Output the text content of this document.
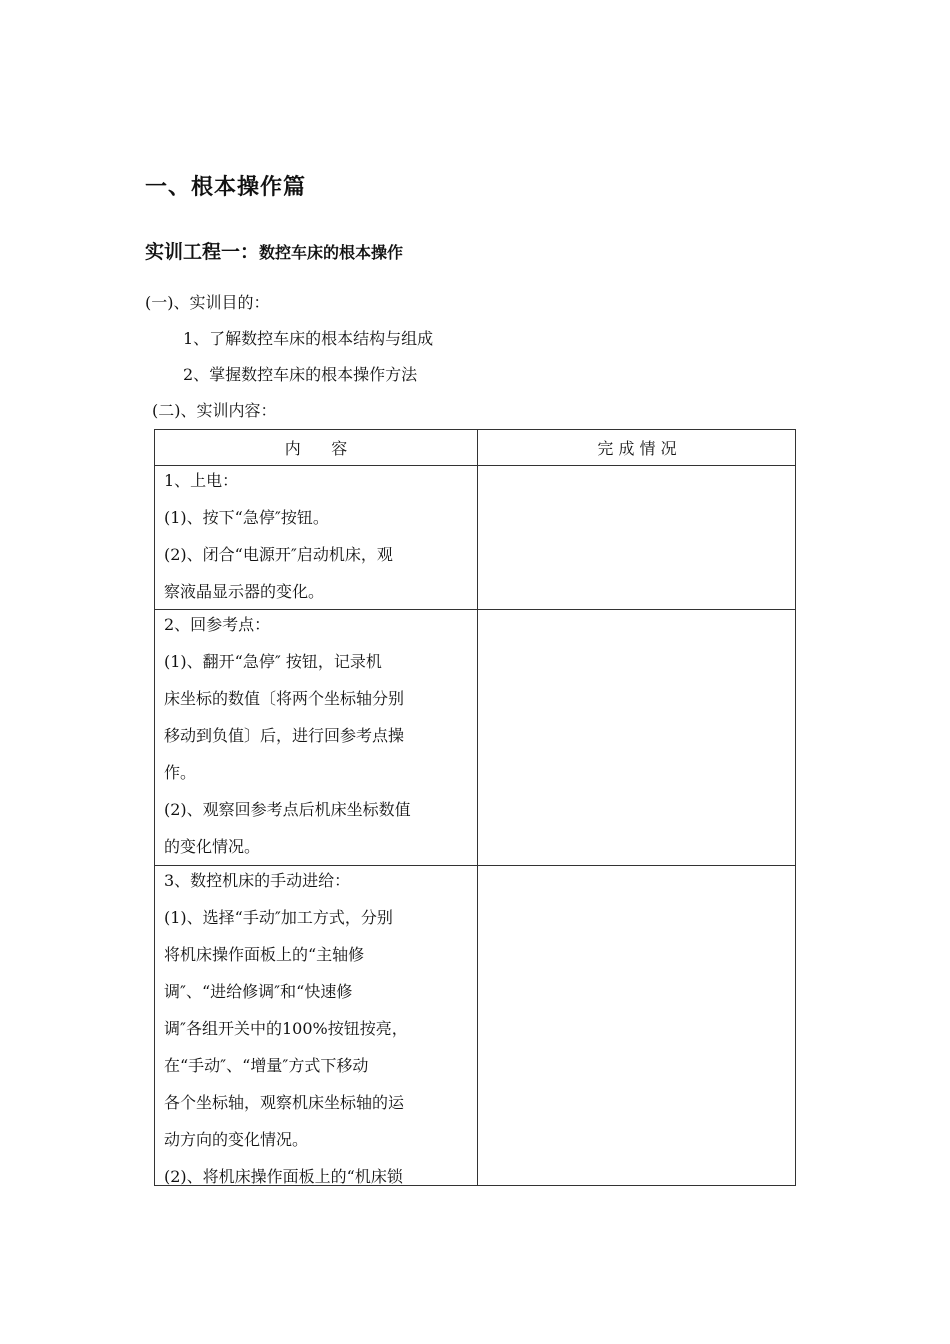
一、根本操作篇
实训工程一：数控车床的根本操作
(一)、实训目的：
1、了解数控车床的根本结构与组成
2、掌握数控车床的根本操作方法
(二)、实训内容：
内      容	完 成 情 况

1、上电：

(1)、按下“急停″按钮。

(2)、闭合“电源开″启动机床，观

察液晶显示器的变化。

2、回参考点：

(1)、翻开“急停″ 按钮，记录机

床坐标的数值〔将两个坐标轴分别

移动到负值〕后，进行回参考点操

作。

(2)、观察回参考点后机床坐标数值

的变化情况。

3、数控机床的手动进给：

(1)、选择“手动″加工方式，分别

将机床操作面板上的“主轴修

调″、“进给修调″和“快速修

调″各组开关中的100%按钮按亮，

在“手动″、“增量″方式下移动

各个坐标轴，观察机床坐标轴的运

动方向的变化情况。

(2)、将机床操作面板上的“机床锁
